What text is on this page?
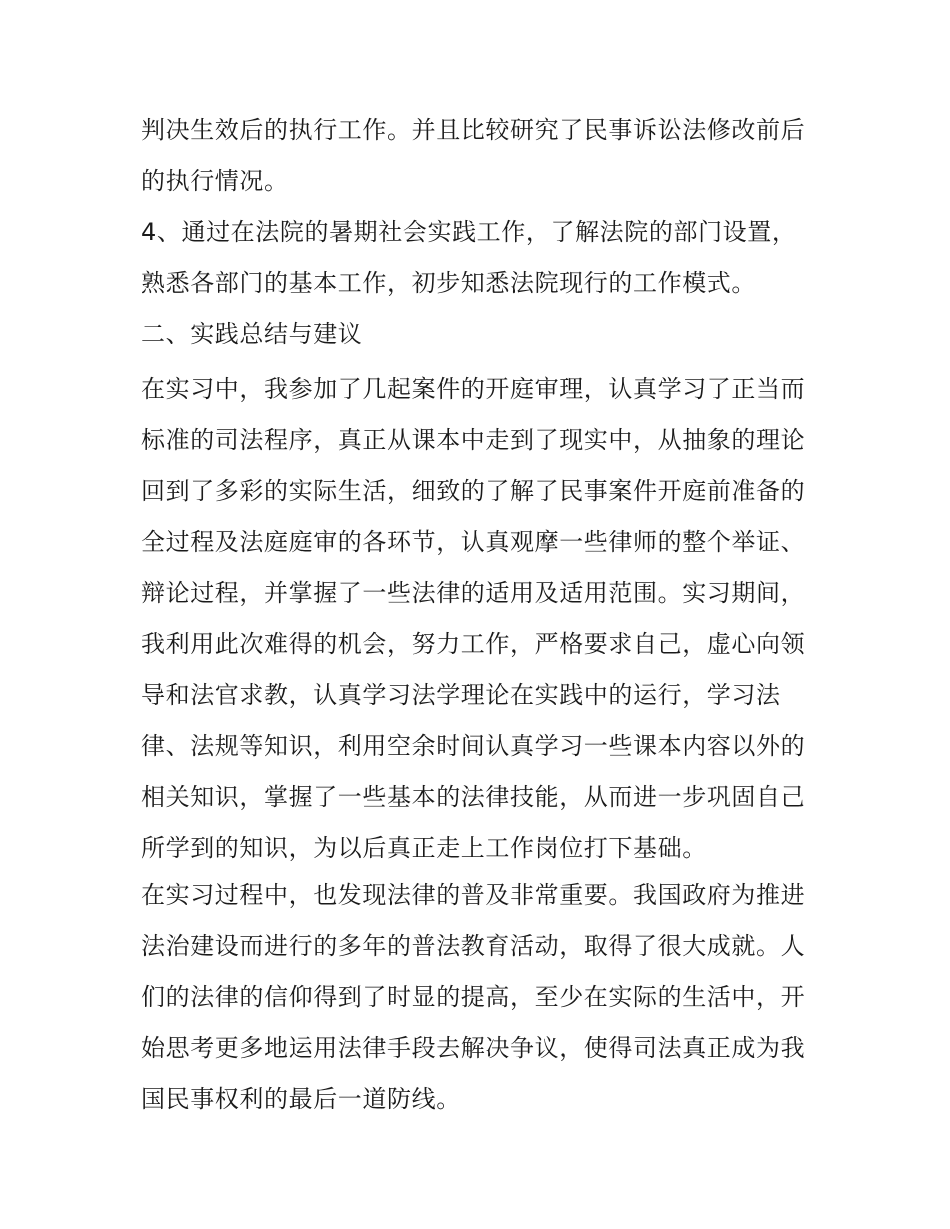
判决生效后的执行工作。并且比较研究了民事诉讼法修改前后
的执行情况。
4、通过在法院的暑期社会实践工作，了解法院的部门设置，
熟悉各部门的基本工作，初步知悉法院现行的工作模式。
二、实践总结与建议
在实习中，我参加了几起案件的开庭审理，认真学习了正当而
标准的司法程序，真正从课本中走到了现实中，从抽象的理论
回到了多彩的实际生活，细致的了解了民事案件开庭前准备的
全过程及法庭庭审的各环节，认真观摩一些律师的整个举证、
辩论过程，并掌握了一些法律的适用及适用范围。实习期间，
我利用此次难得的机会，努力工作，严格要求自己，虚心向领
导和法官求教，认真学习法学理论在实践中的运行，学习法
律、法规等知识，利用空余时间认真学习一些课本内容以外的
相关知识，掌握了一些基本的法律技能，从而进一步巩固自己
所学到的知识，为以后真正走上工作岗位打下基础。
在实习过程中，也发现法律的普及非常重要。我国政府为推进
法治建设而进行的多年的普法教育活动，取得了很大成就。人
们的法律的信仰得到了时显的提高，至少在实际的生活中，开
始思考更多地运用法律手段去解决争议，使得司法真正成为我
国民事权利的最后一道防线。
